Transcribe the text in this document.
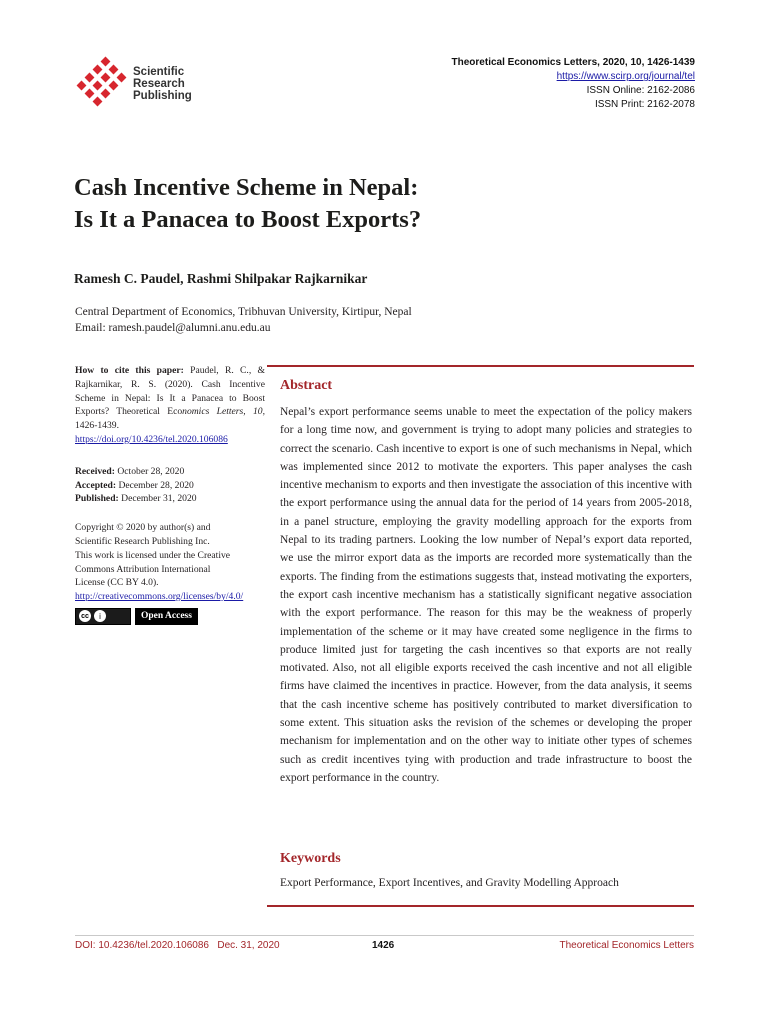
Scientific
Research
Publishing
Theoretical Economics Letters, 2020, 10, 1426-1439
https://www.scirp.org/journal/tel
ISSN Online: 2162-2086
ISSN Print: 2162-2078
Cash Incentive Scheme in Nepal:
Is It a Panacea to Boost Exports?
Ramesh C. Paudel, Rashmi Shilpakar Rajkarnikar
Central Department of Economics, Tribhuvan University, Kirtipur, Nepal
Email: ramesh.paudel@alumni.anu.edu.au
How to cite this paper: Paudel, R. C., & Rajkarnikar, R. S. (2020). Cash Incentive Scheme in Nepal: Is It a Panacea to Boost Exports? Theoretical Economics Letters, 10, 1426-1439.
https://doi.org/10.4236/tel.2020.106086
Received: October 28, 2020
Accepted: December 28, 2020
Published: December 31, 2020
Copyright © 2020 by author(s) and
Scientific Research Publishing Inc.
This work is licensed under the Creative
Commons Attribution International
License (CC BY 4.0).
http://creativecommons.org/licenses/by/4.0/
cc	i	Open Access
Abstract
Nepal’s export performance seems unable to meet the expectation of the policy makers for a long time now, and government is trying to adopt many policies and strategies to correct the scenario. Cash incentive to export is one of such mechanisms in Nepal, which was implemented since 2012 to motivate the exporters. This paper analyses the cash incentive mechanism to exports and then investigate the association of this incentive with the export performance using the annual data for the period of 14 years from 2005-2018, in a panel structure, employing the gravity modelling approach for the exports from Nepal to its trading partners. Looking the low number of Nepal’s export data reported, we use the mirror export data as the imports are recorded more systematically than the exports. The finding from the estimations suggests that, instead motivating the exporters, the export cash incentive mechanism has a statistically significant negative association with the export performance. The reason for this may be the weakness of properly implementation of the scheme or it may have created some negligence in the firms to produce limited just for targeting the cash incentives so that exports are not really motivated. Also, not all eligible exports received the cash incentive and not all eligible firms have claimed the incentives in practice. However, from the data analysis, it seems that the cash incentive scheme has positively contributed to market diversification to some extent. This situation asks the revision of the schemes or developing the proper mechanism for implementation and on the other way to initiate other types of schemes such as credit incentives tying with production and trade infrastructure to boost the export performance in the country.
Keywords
Export Performance, Export Incentives, and Gravity Modelling Approach
DOI: 10.4236/tel.2020.106086 Dec. 31, 2020	1426	Theoretical Economics Letters
